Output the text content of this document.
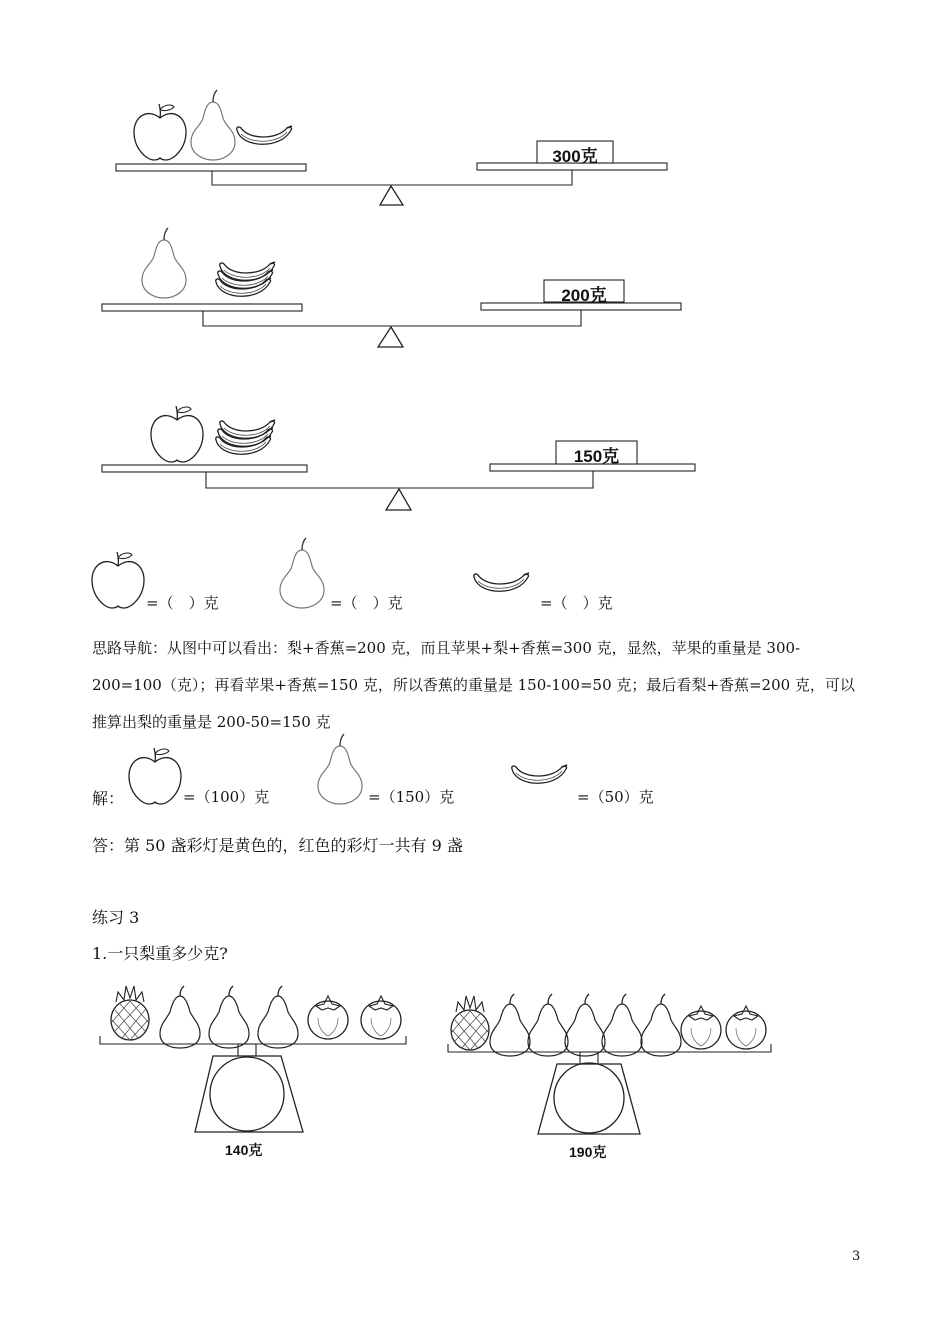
300克
200克
150克
=（　）克	=（　）克	=（　）克
思路导航：从图中可以看出：梨+香蕉=200 克，而且苹果+梨+香蕉=300 克，显然，苹果的重量是 300-200=100（克）；再看苹果+香蕉=150 克，所以香蕉的重量是 150-100=50 克；最后看梨+香蕉=200 克，可以推算出梨的重量是 200-50=150 克
解：	=（100）克	=（150）克	=（50）克
答：第 50 盏彩灯是黄色的，红色的彩灯一共有 9 盏
练习 3
1.一只梨重多少克?
140克	190克
3
